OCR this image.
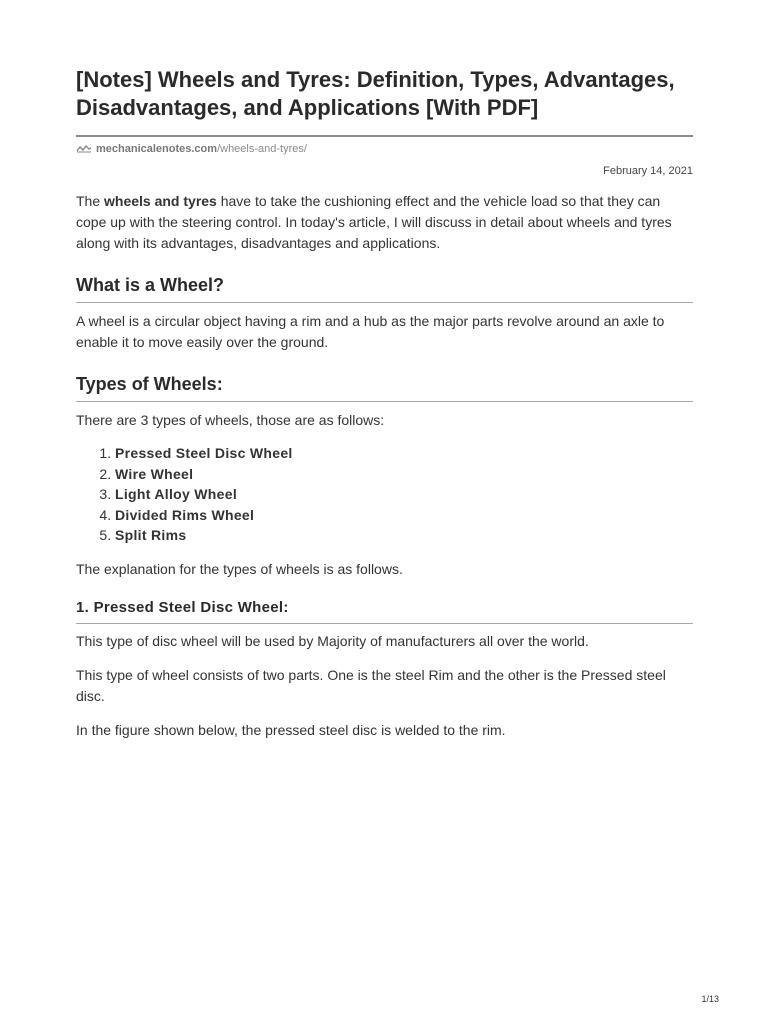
[Notes] Wheels and Tyres: Definition, Types, Advantages, Disadvantages, and Applications [With PDF]
mechanicalenotes.com /wheels-and-tyres/
February 14, 2021

The wheels and tyres have to take the cushioning effect and the vehicle load so that they can cope up with the steering control. In today's article, I will discuss in detail about wheels and tyres along with its advantages, disadvantages and applications.

What is a Wheel?

A wheel is a circular object having a rim and a hub as the major parts revolve around an axle to enable it to move easily over the ground.

Types of Wheels:

There are 3 types of wheels, those are as follows:

1. Pressed Steel Disc Wheel
2. Wire Wheel
3. Light Alloy Wheel
4. Divided Rims Wheel
5. Split Rims

The explanation for the types of wheels is as follows.

1. Pressed Steel Disc Wheel:

This type of disc wheel will be used by Majority of manufacturers all over the world.

This type of wheel consists of two parts. One is the steel Rim and the other is the Pressed steel disc.

In the figure shown below, the pressed steel disc is welded to the rim.

1/13
